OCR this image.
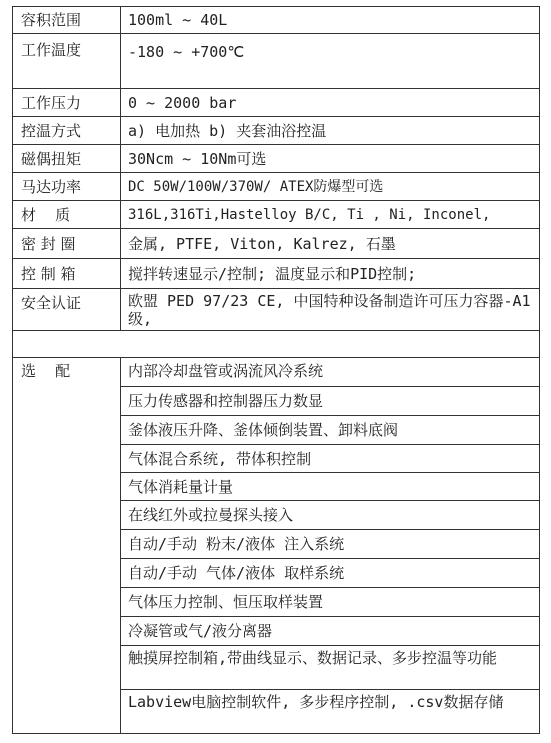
容积范围	100ml ~ 40L
工作温度	-180 ~ +700℃
工作压力	0 ~ 2000 bar
控温方式	a) 电加热 b) 夹套油浴控温
磁偶扭矩	30Ncm ~ 10Nm可选
马达功率	DC 50W/100W/370W/ ATEX防爆型可选
材    质	316L,316Ti,Hastelloy B/C, Ti , Ni, Inconel,
密 封 圈	金属, PTFE, Viton, Kalrez, 石墨
控 制 箱	搅拌转速显示/控制; 温度显示和PID控制;
安全认证	欧盟 PED 97/23 CE, 中国特种设备制造许可压力容器-A1级,

选    配	内部冷却盘管或涡流风冷系统
	压力传感器和控制器压力数显
	釜体液压升降、釜体倾倒装置、卸料底阀
	气体混合系统, 带体积控制
	气体消耗量计量
	在线红外或拉曼探头接入
	自动/手动 粉末/液体 注入系统
	自动/手动 气体/液体 取样系统
	气体压力控制、恒压取样装置
	冷凝管或气/液分离器
	触摸屏控制箱,带曲线显示、数据记录、多步控温等功能
	Labview电脑控制软件, 多步程序控制, .csv数据存储
